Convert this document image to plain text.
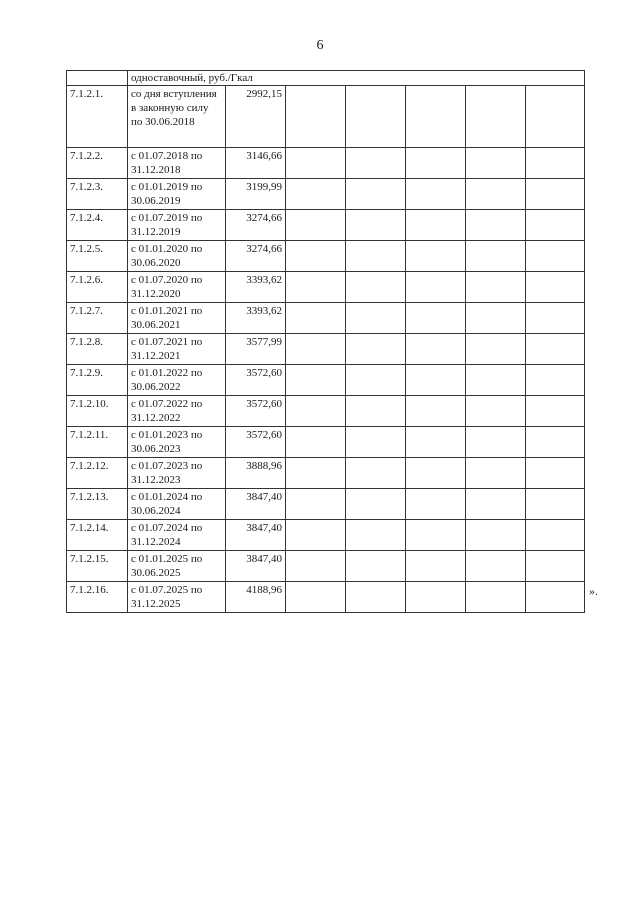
6
	одноставочный, руб./Гкал						
7.1.2.1.	со дня вступления в законную силу по 30.06.2018	2992,15					
7.1.2.2.	с 01.07.2018 по 31.12.2018	3146,66					
7.1.2.3.	с 01.01.2019 по 30.06.2019	3199,99					
7.1.2.4.	с 01.07.2019 по 31.12.2019	3274,66					
7.1.2.5.	с 01.01.2020 по 30.06.2020	3274,66					
7.1.2.6.	с 01.07.2020 по 31.12.2020	3393,62					
7.1.2.7.	с 01.01.2021 по 30.06.2021	3393,62					
7.1.2.8.	с 01.07.2021 по 31.12.2021	3577,99					
7.1.2.9.	с 01.01.2022 по 30.06.2022	3572,60					
7.1.2.10.	с 01.07.2022 по 31.12.2022	3572,60					
7.1.2.11.	с 01.01.2023 по 30.06.2023	3572,60					
7.1.2.12.	с 01.07.2023 по 31.12.2023	3888,96					
7.1.2.13.	с 01.01.2024 по 30.06.2024	3847,40					
7.1.2.14.	с 01.07.2024 по 31.12.2024	3847,40					
7.1.2.15.	с 01.01.2025 по 30.06.2025	3847,40					
7.1.2.16.	с 01.07.2025 по 31.12.2025	4188,96						».
